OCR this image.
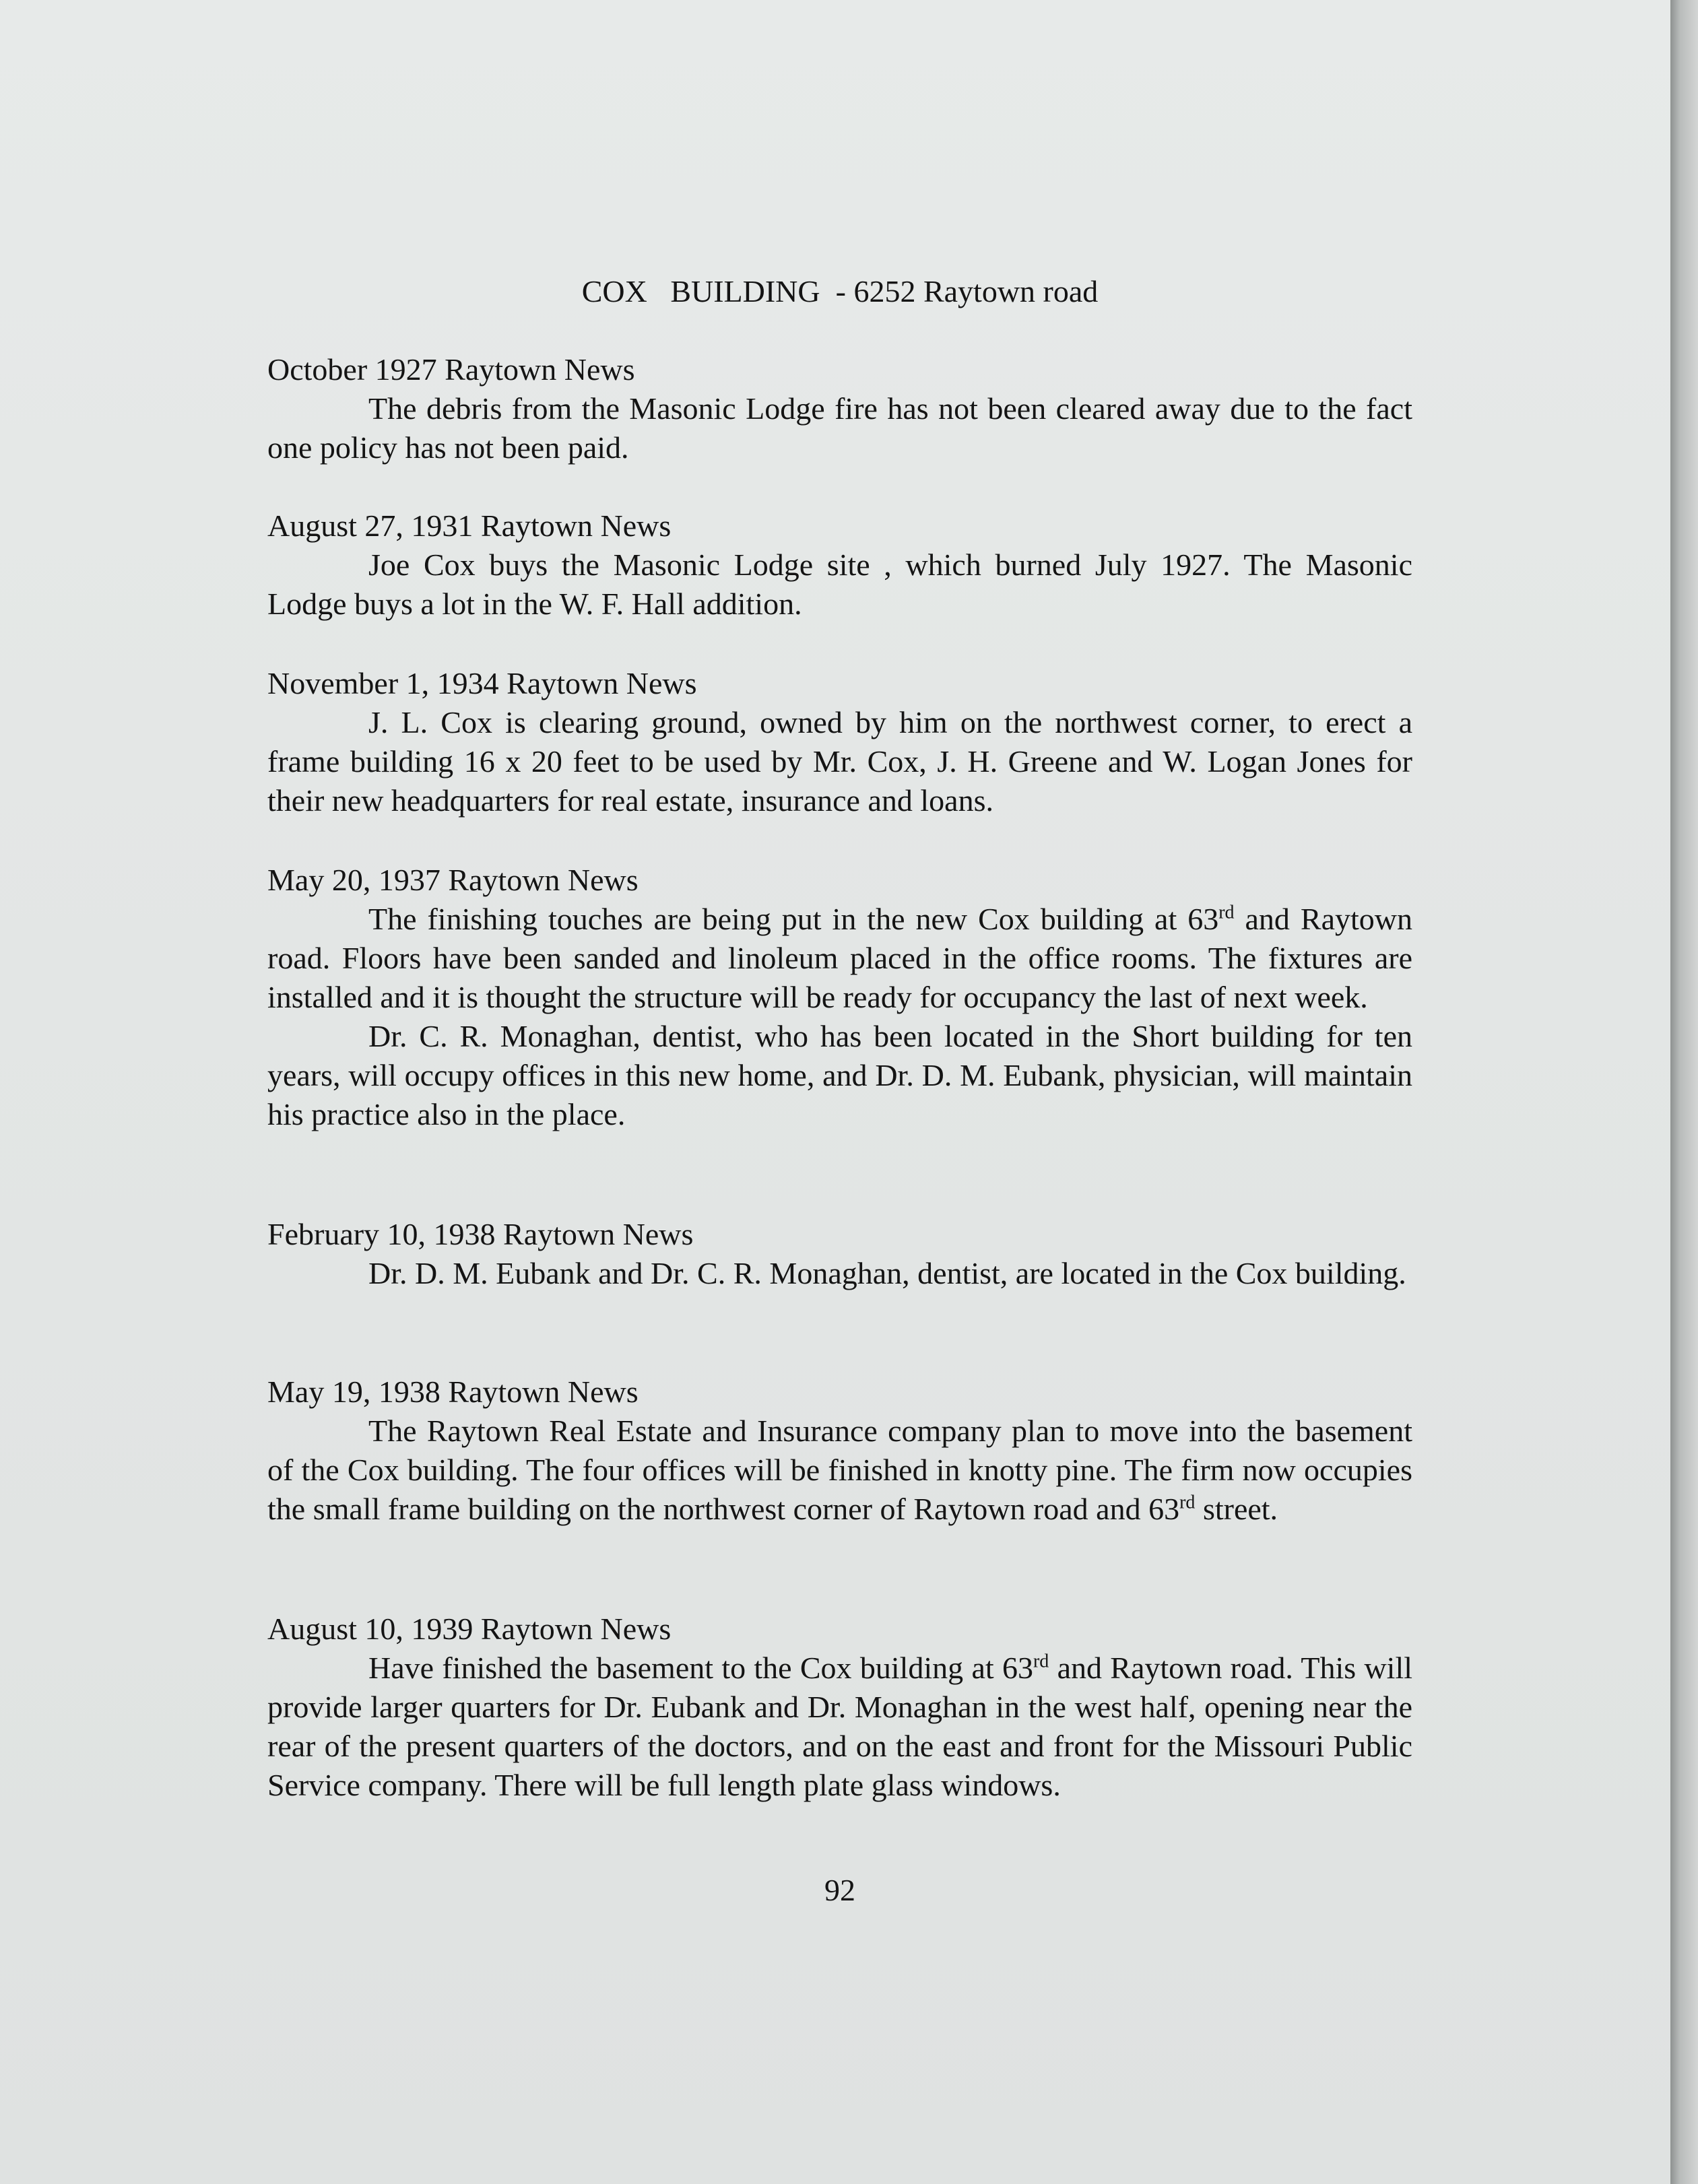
COX   BUILDING  - 6252 Raytown road
October 1927 Raytown News

The debris from the Masonic Lodge fire has not been cleared away due to the fact one policy has not been paid.

August 27, 1931 Raytown News

Joe Cox buys the Masonic Lodge site , which burned July 1927. The Masonic Lodge buys a lot in the W. F. Hall addition.

November 1, 1934 Raytown News

J. L. Cox is clearing ground, owned by him on the northwest corner, to erect a frame building 16 x 20 feet to be used by Mr. Cox, J. H. Greene and W. Logan Jones for their new headquarters for real estate, insurance and loans.

May 20, 1937 Raytown News

The finishing touches are being put in the new Cox building at 63rd and Raytown road. Floors have been sanded and linoleum placed in the office rooms. The fixtures are installed and it is thought the structure will be ready for occupancy the last of next week.

Dr. C. R. Monaghan, dentist, who has been located in the Short building for ten years, will occupy offices in this new home, and Dr. D. M. Eubank, physician, will maintain his practice also in the place.

February 10, 1938 Raytown News

Dr. D. M. Eubank and Dr. C. R. Monaghan, dentist, are located in the Cox building.

May 19, 1938 Raytown News

The Raytown Real Estate and Insurance company plan to move into the basement of the Cox building. The four offices will be finished in knotty pine. The firm now occupies the small frame building on the northwest corner of Raytown road and 63rd street.

August 10, 1939 Raytown News

Have finished the basement to the Cox building at 63rd and Raytown road. This will provide larger quarters for Dr. Eubank and Dr. Monaghan in the west half, opening near the rear of the present quarters of the doctors, and on the east and front for the Missouri Public Service company. There will be full length plate glass windows.

92
